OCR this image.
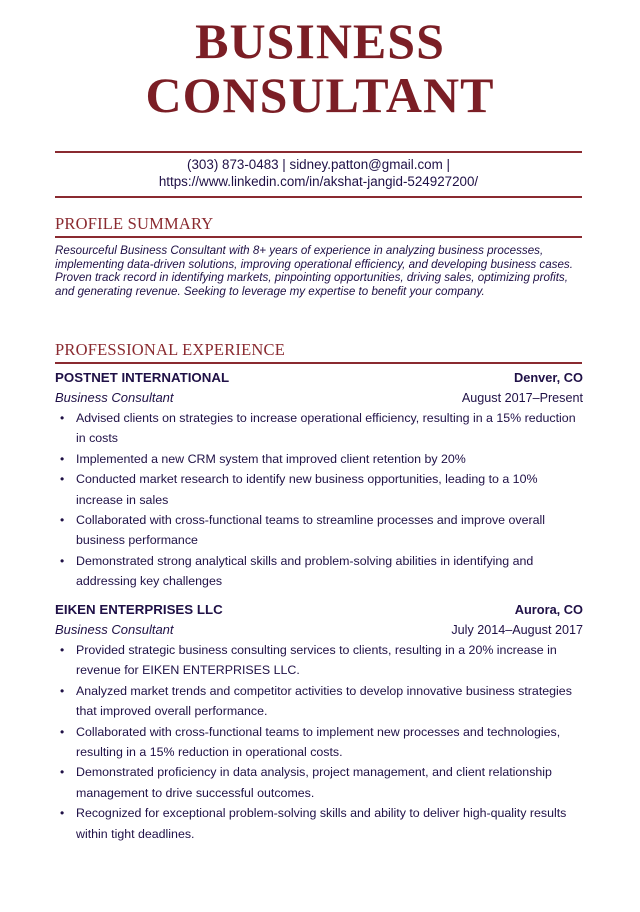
BUSINESS
CONSULTANT
(303) 873-0483 | sidney.patton@gmail.com |
https://www.linkedin.com/in/akshat-jangid-524927200/
PROFILE SUMMARY
Resourceful Business Consultant with 8+ years of experience in analyzing business processes, implementing data-driven solutions, improving operational efficiency, and developing business cases. Proven track record in identifying markets, pinpointing opportunities, driving sales, optimizing profits, and generating revenue. Seeking to leverage my expertise to benefit your company.
PROFESSIONAL EXPERIENCE
POSTNET INTERNATIONAL	Denver, CO
Business Consultant	August 2017–Present
• Advised clients on strategies to increase operational efficiency, resulting in a 15% reduction in costs
• Implemented a new CRM system that improved client retention by 20%
• Conducted market research to identify new business opportunities, leading to a 10% increase in sales
• Collaborated with cross-functional teams to streamline processes and improve overall business performance
• Demonstrated strong analytical skills and problem-solving abilities in identifying and addressing key challenges
EIKEN ENTERPRISES LLC	Aurora, CO
Business Consultant	July 2014–August 2017
• Provided strategic business consulting services to clients, resulting in a 20% increase in revenue for EIKEN ENTERPRISES LLC.
• Analyzed market trends and competitor activities to develop innovative business strategies that improved overall performance.
• Collaborated with cross-functional teams to implement new processes and technologies, resulting in a 15% reduction in operational costs.
• Demonstrated proficiency in data analysis, project management, and client relationship management to drive successful outcomes.
• Recognized for exceptional problem-solving skills and ability to deliver high-quality results within tight deadlines.
